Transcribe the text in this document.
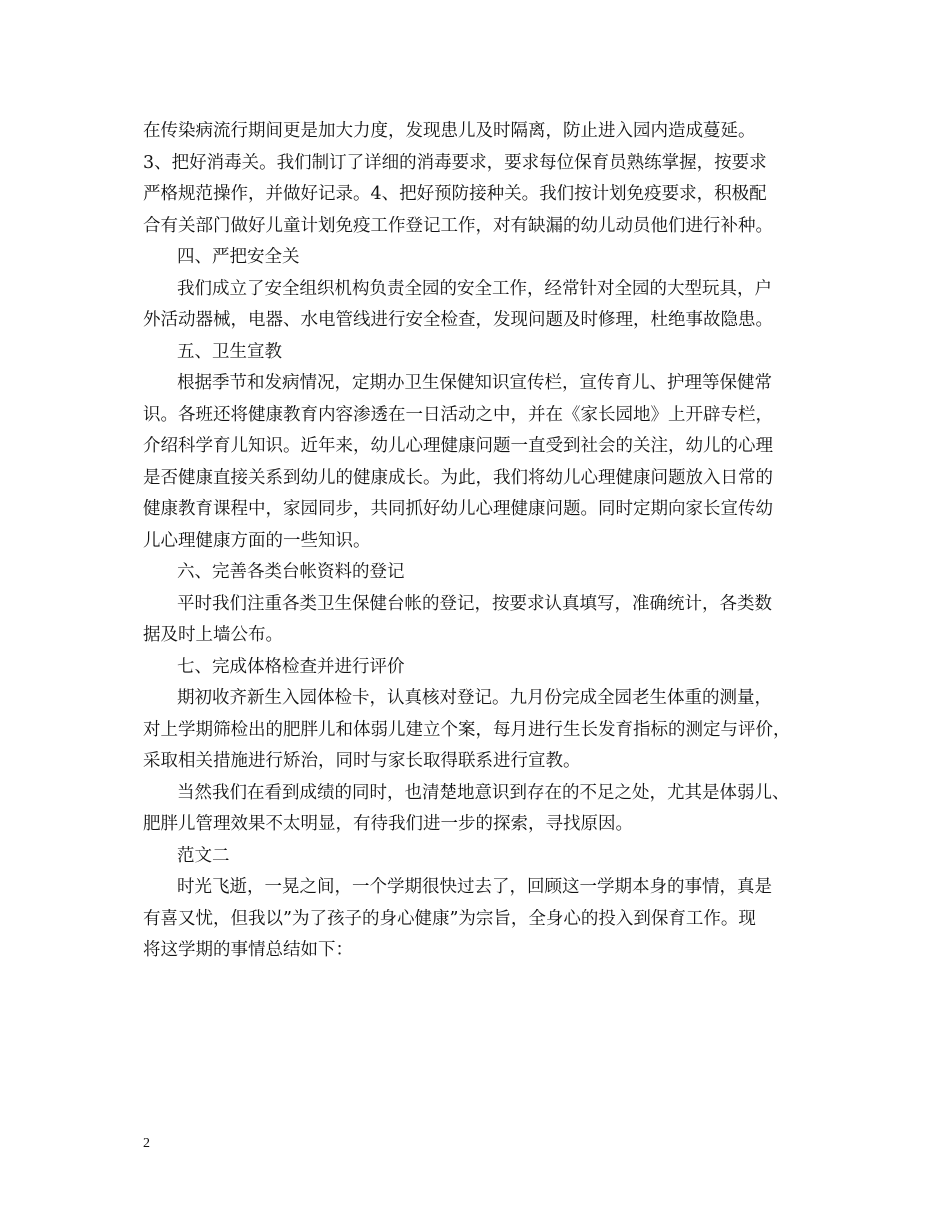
在传染病流行期间更是加大力度，发现患儿及时隔离，防止进入园内造成蔓延。
3、把好消毒关。我们制订了详细的消毒要求，要求每位保育员熟练掌握，按要求
严格规范操作，并做好记录。4、把好预防接种关。我们按计划免疫要求，积极配
合有关部门做好儿童计划免疫工作登记工作，对有缺漏的幼儿动员他们进行补种。
四、严把安全关
我们成立了安全组织机构负责全园的安全工作，经常针对全园的大型玩具，户
外活动器械，电器、水电管线进行安全检查，发现问题及时修理，杜绝事故隐患。
五、卫生宣教
根据季节和发病情况，定期办卫生保健知识宣传栏，宣传育儿、护理等保健常
识。各班还将健康教育内容渗透在一日活动之中，并在《家长园地》上开辟专栏，
介绍科学育儿知识。近年来，幼儿心理健康问题一直受到社会的关注，幼儿的心理
是否健康直接关系到幼儿的健康成长。为此，我们将幼儿心理健康问题放入日常的
健康教育课程中，家园同步，共同抓好幼儿心理健康问题。同时定期向家长宣传幼
儿心理健康方面的一些知识。
六、完善各类台帐资料的登记
平时我们注重各类卫生保健台帐的登记，按要求认真填写，准确统计，各类数
据及时上墙公布。
七、完成体格检查并进行评价
期初收齐新生入园体检卡，认真核对登记。九月份完成全园老生体重的测量，
对上学期筛检出的肥胖儿和体弱儿建立个案，每月进行生长发育指标的测定与评价，
采取相关措施进行矫治，同时与家长取得联系进行宣教。
当然我们在看到成绩的同时，也清楚地意识到存在的不足之处，尤其是体弱儿、
肥胖儿管理效果不太明显，有待我们进一步的探索，寻找原因。
范文二
时光飞逝，一晃之间，一个学期很快过去了，回顾这一学期本身的事情，真是
有喜又忧，但我以”为了孩子的身心健康”为宗旨，全身心的投入到保育工作。现
将这学期的事情总结如下：
2
